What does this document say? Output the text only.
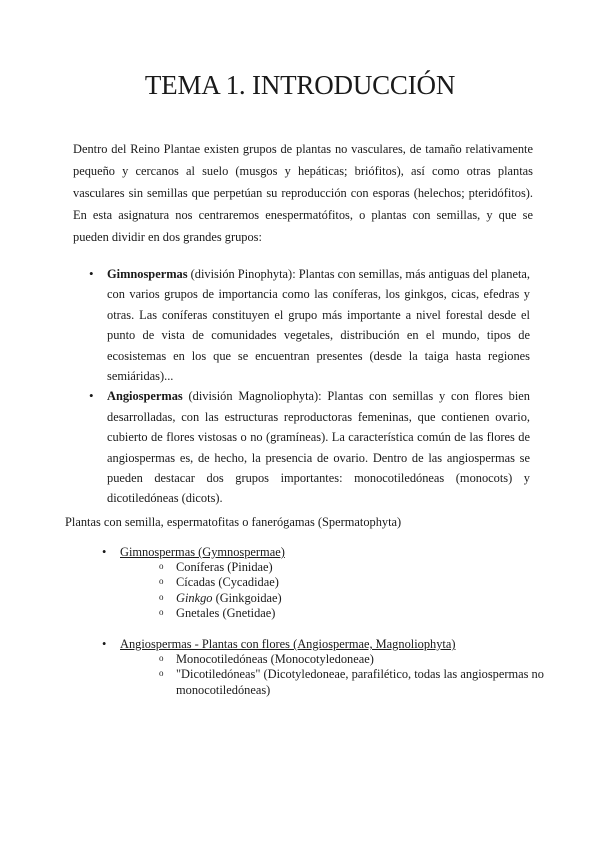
TEMA 1. INTRODUCCIÓN

Dentro del Reino Plantae existen grupos de plantas no vasculares, de tamaño relativamente pequeño y cercanos al suelo (musgos y hepáticas; briófitos), así como otras plantas vasculares sin semillas que perpetúan su reproducción con esporas (helechos; pteridófitos). En esta asignatura nos centraremos enespermatófitos, o plantas con semillas, y que se pueden dividir en dos grandes grupos:

• Gimnospermas (división Pinophyta): Plantas con semillas, más antiguas del planeta, con varios grupos de importancia como las coníferas, los ginkgos, cicas, efedras y otras. Las coníferas constituyen el grupo más importante a nivel forestal desde el punto de vista de comunidades vegetales, distribución en el mundo, tipos de ecosistemas en los que se encuentran presentes (desde la taiga hasta regiones semiáridas)...
• Angiospermas (división Magnoliophyta): Plantas con semillas y con flores bien desarrolladas, con las estructuras reproductoras femeninas, que contienen ovario, cubierto de flores vistosas o no (gramíneas). La característica común de las flores de angiospermas es, de hecho, la presencia de ovario. Dentro de las angiospermas se pueden destacar dos grupos importantes: monocotiledóneas (monocots) y dicotiledóneas (dicots).

Plantas con semilla, espermatofitas o fanerógamas (Spermatophyta)

• Gimnospermas (Gymnospermae)
o Coníferas (Pinidae)
o Cícadas (Cycadidae)
o Ginkgo (Ginkgoidae)
o Gnetales (Gnetidae)
• Angiospermas - Plantas con flores (Angiospermae, Magnoliophyta)
o Monocotiledóneas (Monocotyledoneae)
o "Dicotiledóneas" (Dicotyledoneae, parafilético, todas las angiospermas no monocotiledóneas)
